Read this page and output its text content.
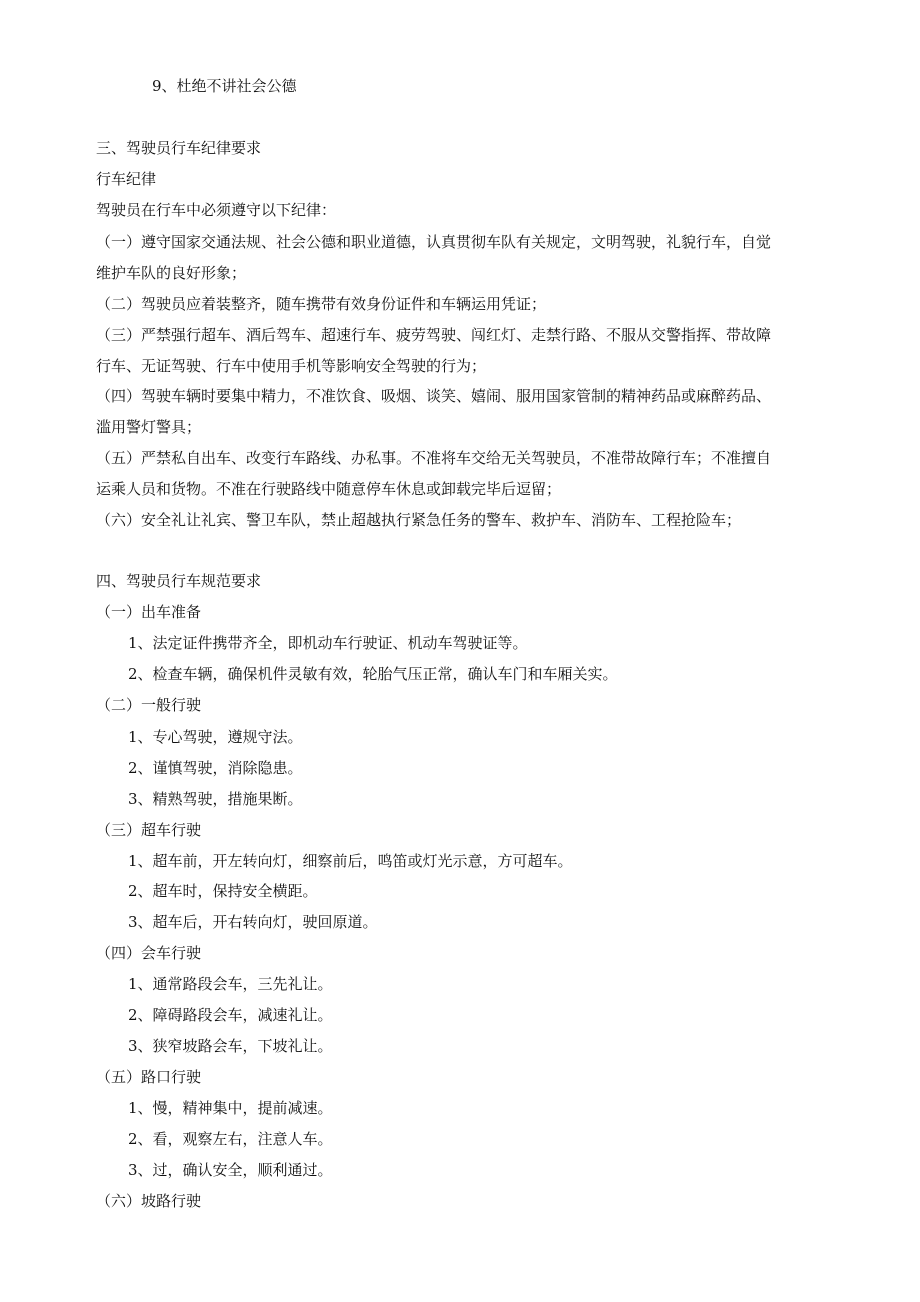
9、杜绝不讲社会公德
三、驾驶员行车纪律要求
行车纪律
驾驶员在行车中必须遵守以下纪律：
（一）遵守国家交通法规、社会公德和职业道德，认真贯彻车队有关规定，文明驾驶，礼貌行车，自觉
维护车队的良好形象；
（二）驾驶员应着装整齐，随车携带有效身份证件和车辆运用凭证；
（三）严禁强行超车、酒后驾车、超速行车、疲劳驾驶、闯红灯、走禁行路、不服从交警指挥、带故障
行车、无证驾驶、行车中使用手机等影响安全驾驶的行为；
（四）驾驶车辆时要集中精力，不准饮食、吸烟、谈笑、嬉闹、服用国家管制的精神药品或麻醉药品、
滥用警灯警具；
（五）严禁私自出车、改变行车路线、办私事。不准将车交给无关驾驶员，不准带故障行车；不准擅自
运乘人员和货物。不准在行驶路线中随意停车休息或卸载完毕后逗留；
（六）安全礼让礼宾、警卫车队，禁止超越执行紧急任务的警车、救护车、消防车、工程抢险车；
四、驾驶员行车规范要求
（一）出车准备
1、法定证件携带齐全，即机动车行驶证、机动车驾驶证等。
2、检查车辆，确保机件灵敏有效，轮胎气压正常，确认车门和车厢关实。
（二）一般行驶
1、专心驾驶，遵规守法。
2、谨慎驾驶，消除隐患。
3、精熟驾驶，措施果断。
（三）超车行驶
1、超车前，开左转向灯，细察前后，鸣笛或灯光示意，方可超车。
2、超车时，保持安全横距。
3、超车后，开右转向灯，驶回原道。
（四）会车行驶
1、通常路段会车，三先礼让。
2、障碍路段会车，减速礼让。
3、狭窄坡路会车，下坡礼让。
（五）路口行驶
1、慢，精神集中，提前减速。
2、看，观察左右，注意人车。
3、过，确认安全，顺利通过。
（六）坡路行驶
